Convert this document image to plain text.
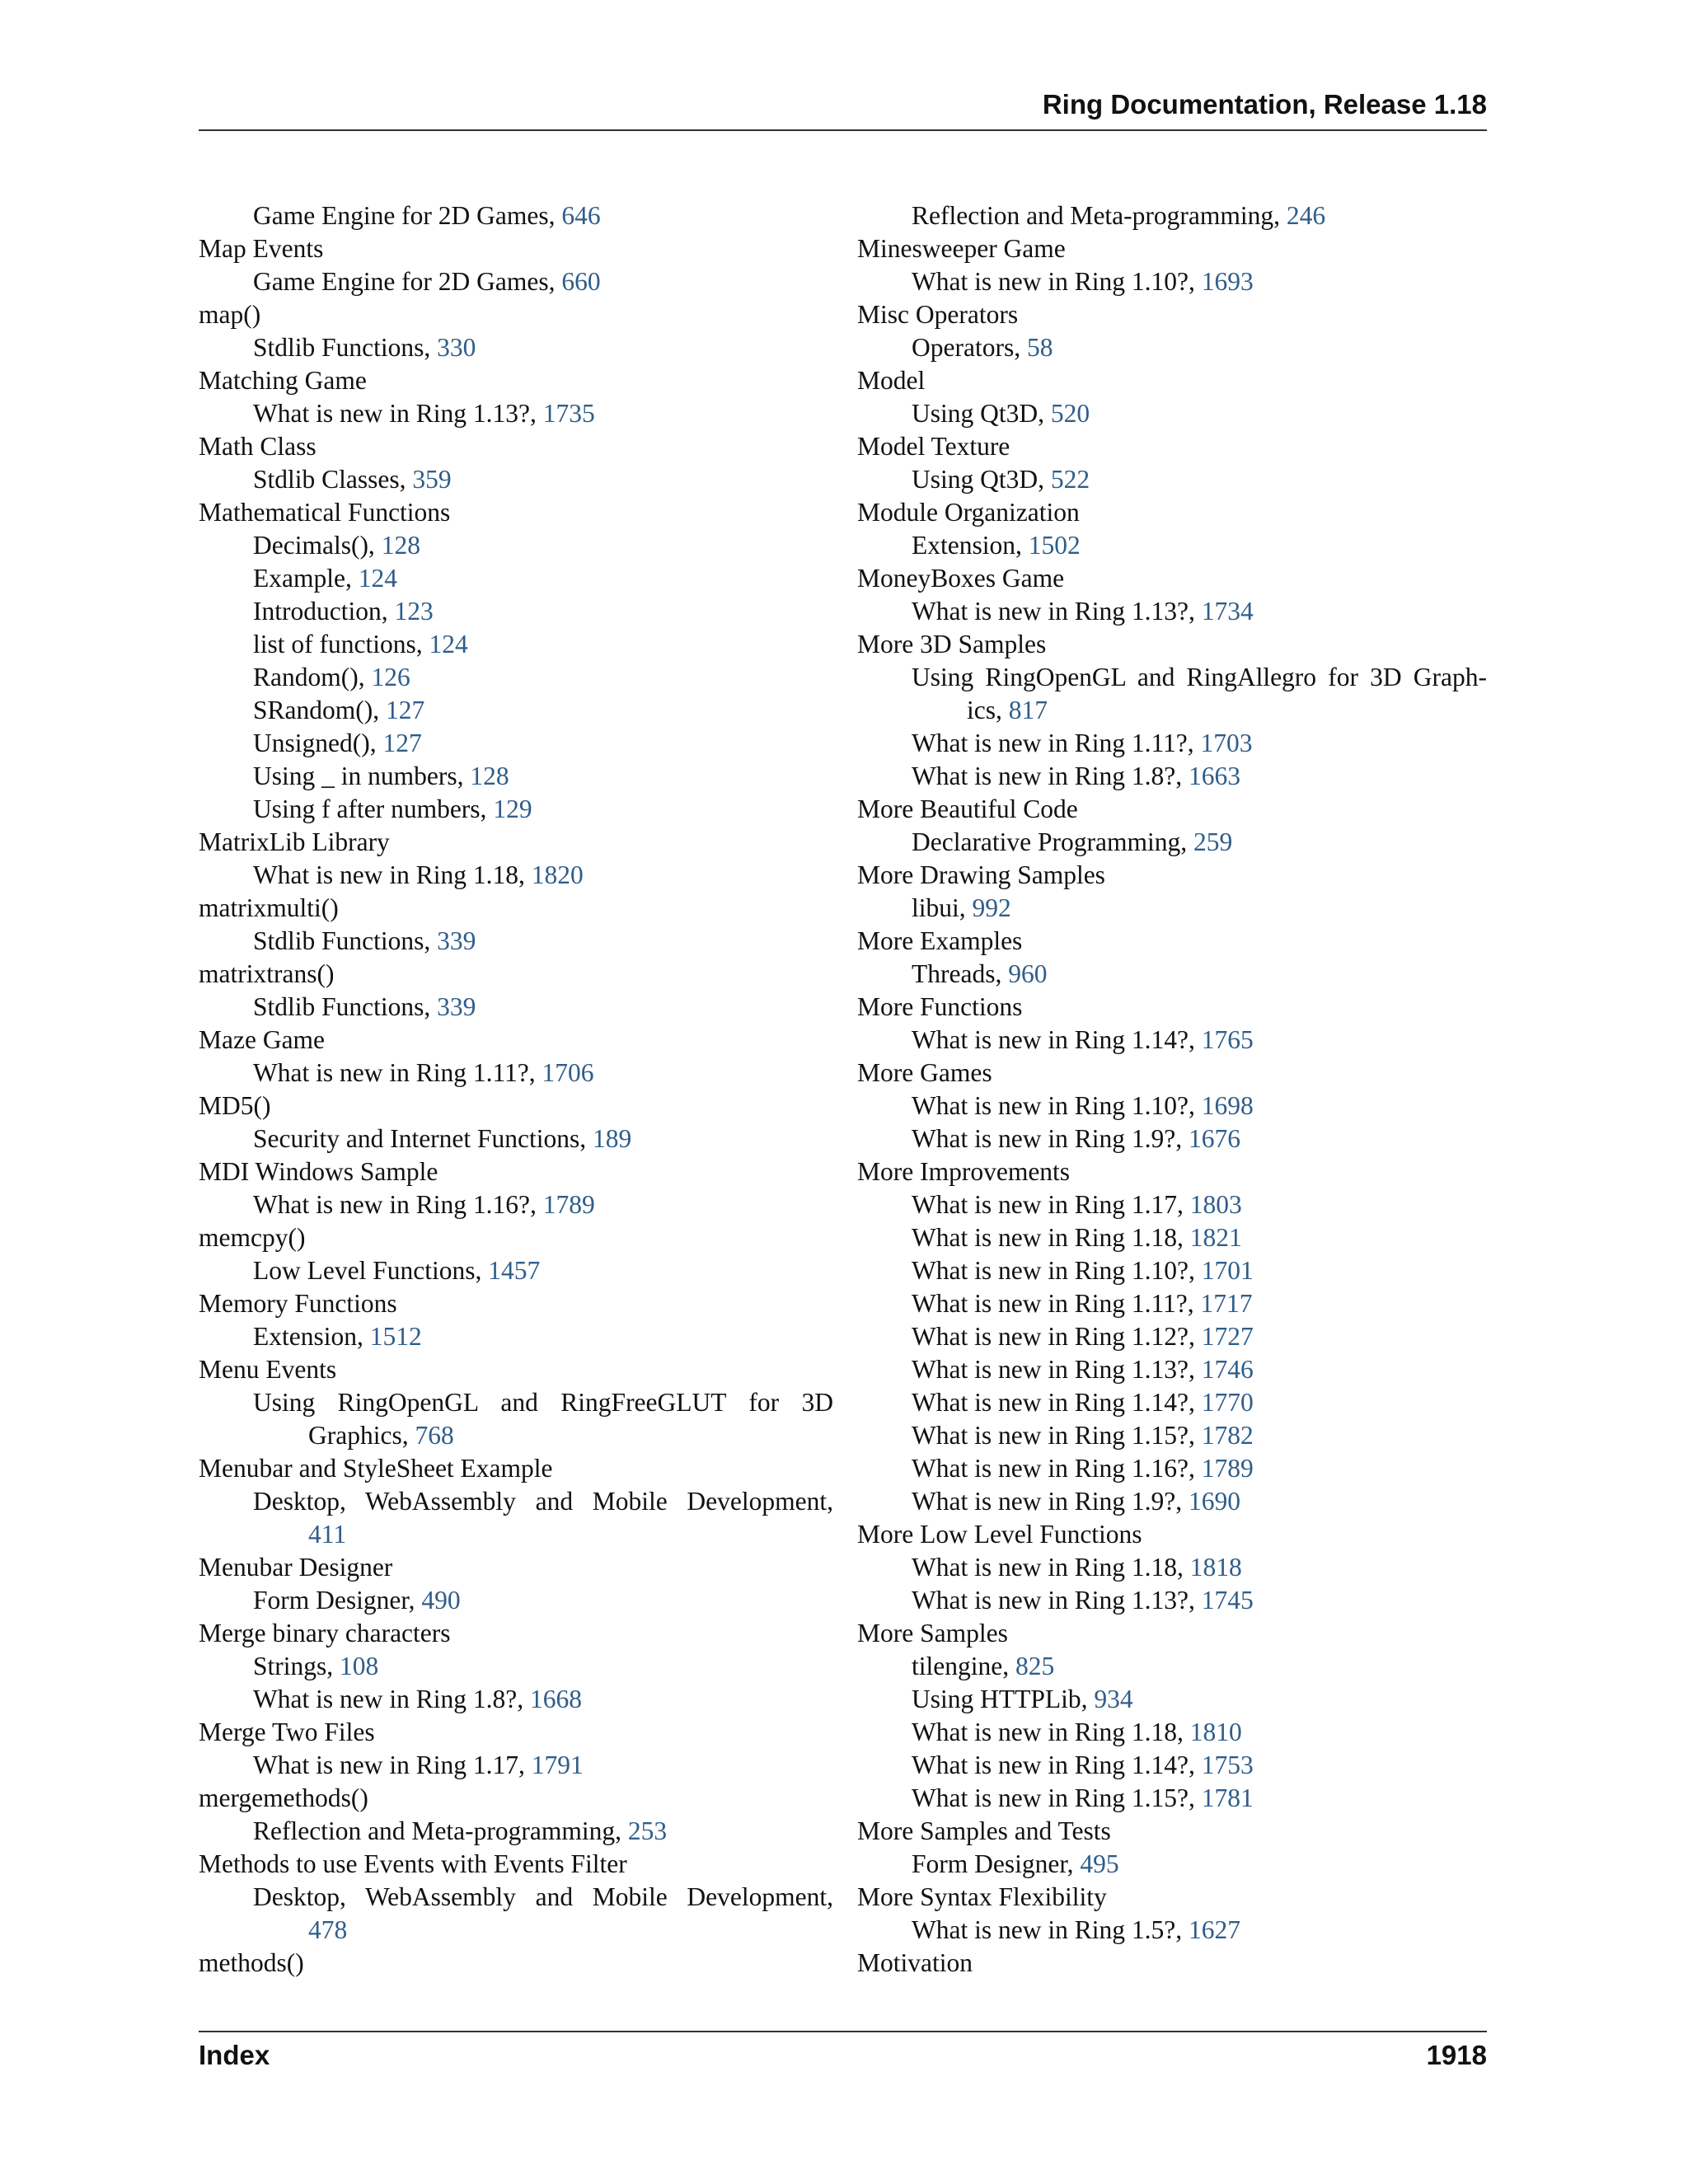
Ring Documentation, Release 1.18
Game Engine for 2D Games, 646
Map Events
Game Engine for 2D Games, 660
map()
Stdlib Functions, 330
Matching Game
What is new in Ring 1.13?, 1735
Math Class
Stdlib Classes, 359
Mathematical Functions
Decimals(), 128
Example, 124
Introduction, 123
list of functions, 124
Random(), 126
SRandom(), 127
Unsigned(), 127
Using _ in numbers, 128
Using f after numbers, 129
MatrixLib Library
What is new in Ring 1.18, 1820
matrixmulti()
Stdlib Functions, 339
matrixtrans()
Stdlib Functions, 339
Maze Game
What is new in Ring 1.11?, 1706
MD5()
Security and Internet Functions, 189
MDI Windows Sample
What is new in Ring 1.16?, 1789
memcpy()
Low Level Functions, 1457
Memory Functions
Extension, 1512
Menu Events
Using RingOpenGL and RingFreeGLUT for 3D
Graphics, 768
Menubar and StyleSheet Example
Desktop, WebAssembly and Mobile Development,
411
Menubar Designer
Form Designer, 490
Merge binary characters
Strings, 108
What is new in Ring 1.8?, 1668
Merge Two Files
What is new in Ring 1.17, 1791
mergemethods()
Reflection and Meta-programming, 253
Methods to use Events with Events Filter
Desktop, WebAssembly and Mobile Development,
478
methods()
Reflection and Meta-programming, 246
Minesweeper Game
What is new in Ring 1.10?, 1693
Misc Operators
Operators, 58
Model
Using Qt3D, 520
Model Texture
Using Qt3D, 522
Module Organization
Extension, 1502
MoneyBoxes Game
What is new in Ring 1.13?, 1734
More 3D Samples
Using RingOpenGL and RingAllegro for 3D Graph-
ics, 817
What is new in Ring 1.11?, 1703
What is new in Ring 1.8?, 1663
More Beautiful Code
Declarative Programming, 259
More Drawing Samples
libui, 992
More Examples
Threads, 960
More Functions
What is new in Ring 1.14?, 1765
More Games
What is new in Ring 1.10?, 1698
What is new in Ring 1.9?, 1676
More Improvements
What is new in Ring 1.17, 1803
What is new in Ring 1.18, 1821
What is new in Ring 1.10?, 1701
What is new in Ring 1.11?, 1717
What is new in Ring 1.12?, 1727
What is new in Ring 1.13?, 1746
What is new in Ring 1.14?, 1770
What is new in Ring 1.15?, 1782
What is new in Ring 1.16?, 1789
What is new in Ring 1.9?, 1690
More Low Level Functions
What is new in Ring 1.18, 1818
What is new in Ring 1.13?, 1745
More Samples
tilengine, 825
Using HTTPLib, 934
What is new in Ring 1.18, 1810
What is new in Ring 1.14?, 1753
What is new in Ring 1.15?, 1781
More Samples and Tests
Form Designer, 495
More Syntax Flexibility
What is new in Ring 1.5?, 1627
Motivation
Index	1918
